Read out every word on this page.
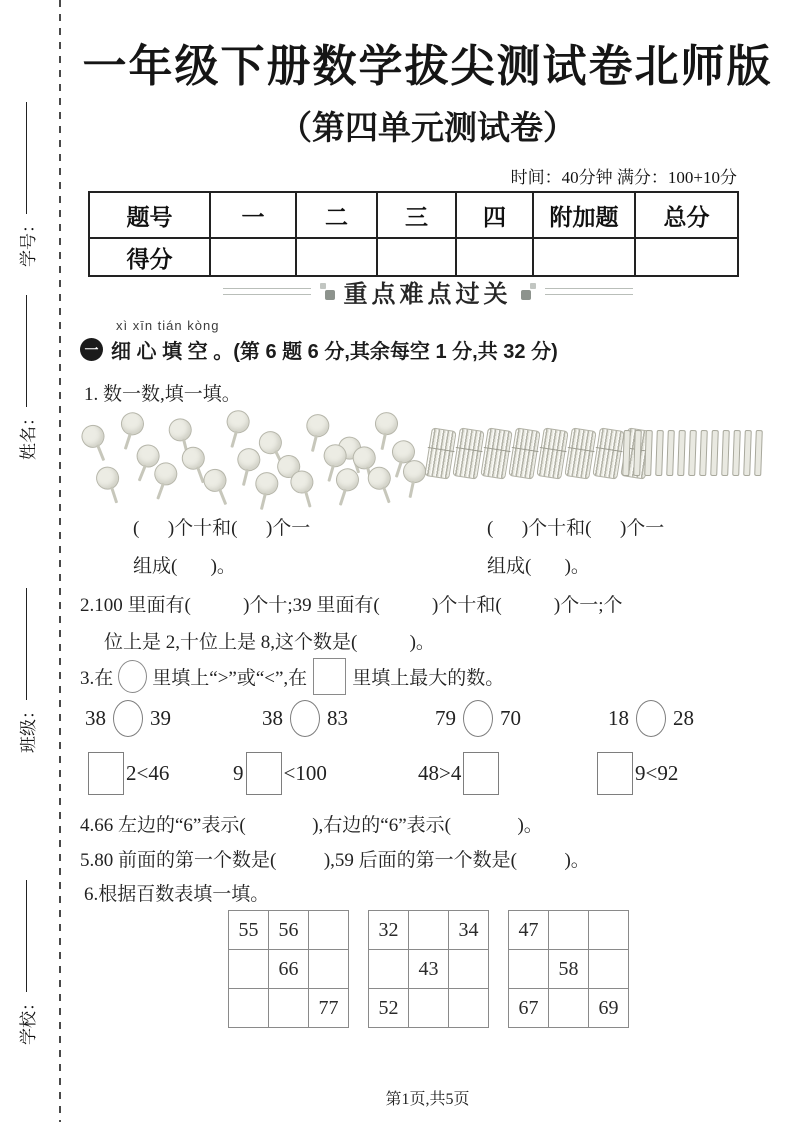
学号：
姓名：
班级：
学校：
一年级下册数学拔尖测试卷北师版
（第四单元测试卷）
时间：40分钟 满分：100+10分
题号	一	二	三	四	附加题	总分
得分						
重点难点过关
xì xīn tián kòng
一 细 心 填 空 。(第 6 题 6 分,其余每空 1 分,共 32 分)
1. 数一数,填一填。
(      )个十和(      )个一
组成(       )。
(      )个十和(      )个一
组成(       )。
2.100 里面有(           )个十;39 里面有(           )个十和(           )个一;个
位上是 2,十位上是 8,这个数是(           )。
3.在 里填上“>”或“<”,在 里填上最大的数。
38 39	38 83	79 70	18 28
2<46	9 <100	48>4	9<92
4.66 左边的“6”表示(              ),右边的“6”表示(              )。
5.80 前面的第一个数是(          ),59 后面的第一个数是(          )。
6.根据百数表填一填。
55	56	
	66	
		77
32		34
	43	
52		
47		
	58	
67		69
第1页,共5页
